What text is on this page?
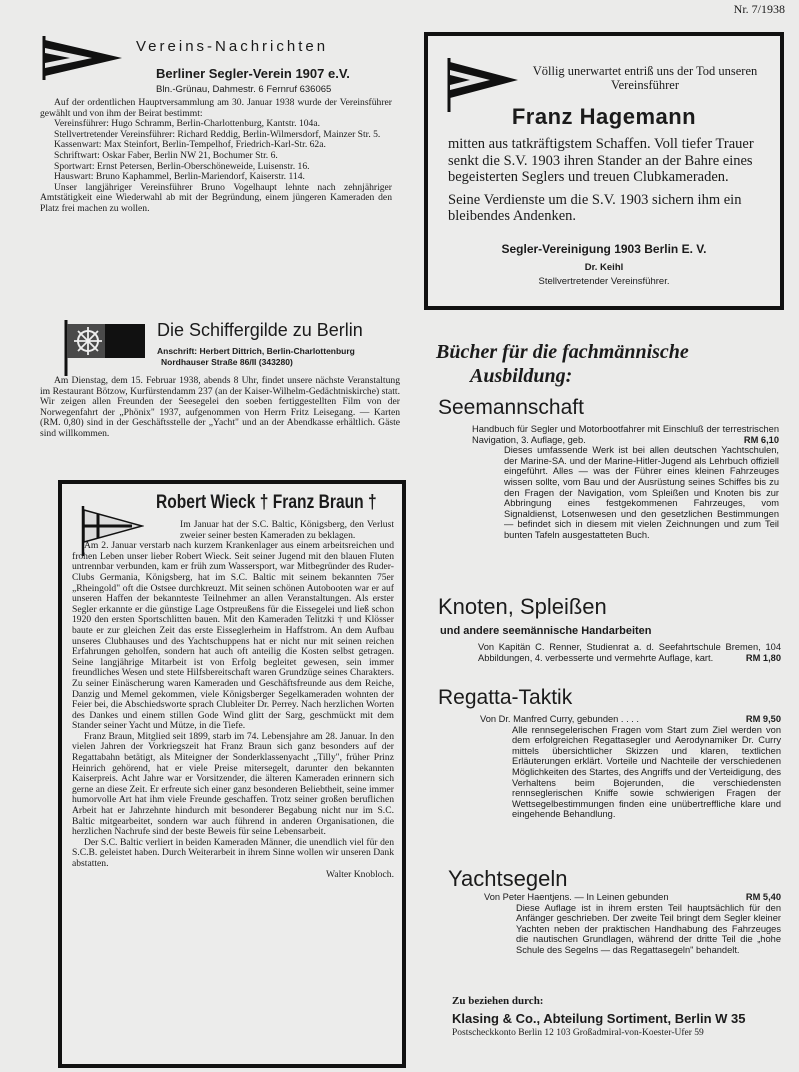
Nr. 7/1938
Vereins-Nachrichten
Berliner Segler-Verein 1907 e.V.
Bln.-Grünau, Dahmestr. 6 Fernruf 636065

Auf der ordentlichen Hauptversammlung am 30. Januar 1938 wurde der Vereinsführer gewählt und von ihm der Beirat bestimmt:

Vereinsführer: Hugo Schramm, Berlin-Charlottenburg, Kantstr. 104a.

Stellvertretender Vereinsführer: Richard Reddig, Berlin-Wilmersdorf, Mainzer Str. 5.

Kassenwart: Max Steinfort, Berlin-Tempelhof, Friedrich-Karl-Str. 62a.

Schriftwart: Oskar Faber, Berlin NW 21, Bochumer Str. 6.

Sportwart: Ernst Petersen, Berlin-Oberschöneweide, Luisenstr. 16.

Hauswart: Bruno Kaphammel, Berlin-Mariendorf, Kaiserstr. 114.

Unser langjähriger Vereinsführer Bruno Vogelhaupt lehnte nach zehnjähriger Amtstätigkeit eine Wiederwahl ab mit der Begründung, einem jüngeren Kameraden den Platz frei machen zu wollen.

Die Schiffergilde zu Berlin
Anschrift: Herbert Dittrich, Berlin-Charlottenburg
Nordhauser Straße 86/II (343280)

Am Dienstag, dem 15. Februar 1938, abends 8 Uhr, findet unsere nächste Veranstaltung im Restaurant Bötzow, Kurfürstendamm 237 (an der Kaiser-Wilhelm-Gedächtniskirche) statt. Wir zeigen allen Freunden der Seesegelei den soeben fertiggestellten Film von der Norwegenfahrt der „Phönix" 1937, aufgenommen von Herrn Fritz Leisegang. — Karten (RM. 0,80) sind in der Geschäftsstelle der „Yacht" und an der Abendkasse erhältlich. Gäste sind willkommen.

Robert Wieck † Franz Braun †

Im Januar hat der S.C. Baltic, Königsberg, den Verlust zweier seiner besten Kameraden zu beklagen.

Am 2. Januar verstarb nach kurzem Krankenlager aus einem arbeitsreichen und frohen Leben unser lieber Robert Wieck. Seit seiner Jugend mit den blauen Fluten untrennbar verbunden, kam er früh zum Wassersport, war Mitbegründer des Ruder-Clubs Germania, Königsberg, hat im S.C. Baltic mit seinem bekannten 75er „Rheingold" oft die Ostsee durchkreuzt. Mit seinen schönen Autobooten war er auf unseren Haffen der bekannteste Teilnehmer an allen Veranstaltungen. Als erster Segler erkannte er die günstige Lage Ostpreußens für die Eissegelei und ließ schon 1920 den ersten Sportschlitten bauen. Mit den Kameraden Telitzki † und Klösser baute er zur gleichen Zeit das erste Eisseglerheim in Haffstrom. An dem Aufbau unseres Clubhauses und des Yachtschuppens hat er nicht nur mit seinen reichen Erfahrungen geholfen, sondern hat auch oft anteilig die Kosten selbst getragen. Seine langjährige Mitarbeit ist von Erfolg begleitet gewesen, sein immer freundliches Wesen und stete Hilfsbereitschaft waren Grundzüge seines Charakters. Zu seiner Einäscherung waren Kameraden und Geschäftsfreunde aus dem Reiche, Danzig und Memel gekommen, viele Königsberger Segelkameraden wohnten der Feier bei, die Abschiedsworte sprach Clubleiter Dr. Perrey. Nach herzlichen Worten des Dankes und einem stillen Gode Wind glitt der Sarg, geschmückt mit dem Stander seiner Yacht und Mütze, in die Tiefe.

Franz Braun, Mitglied seit 1899, starb im 74. Lebensjahre am 28. Januar. In den vielen Jahren der Vorkriegszeit hat Franz Braun sich ganz besonders auf der Regattabahn betätigt, als Miteigner der Sonderklassenyacht „Tilly", früher Prinz Heinrich gehörend, hat er viele Preise mitersegelt, darunter den bekannten Kaiserpreis. Acht Jahre war er Vorsitzender, die älteren Kameraden erinnern sich gerne an diese Zeit. Er erfreute sich einer ganz besonderen Beliebtheit, seine immer humorvolle Art hat ihm viele Freunde geschaffen. Trotz seiner großen beruflichen Arbeit hat er Jahrzehnte hindurch mit besonderer Begabung nicht nur im S.C. Baltic mitgearbeitet, sondern war auch führend in anderen Organisationen, die herzlichen Nachrufe sind der beste Beweis für seine Lebensarbeit.

Der S.C. Baltic verliert in beiden Kameraden Männer, die unendlich viel für den S.C.B. geleistet haben. Durch Weiterarbeit in ihrem Sinne wollen wir unseren Dank abstatten.

Walter Knobloch.
Völlig unerwartet entriß uns der Tod unseren Vereinsführer
Franz Hagemann

mitten aus tatkräftigstem Schaffen. Voll tiefer Trauer senkt die S.V. 1903 ihren Stander an der Bahre eines begeisterten Seglers und treuen Clubkameraden.

Seine Verdienste um die S.V. 1903 sichern ihm ein bleibendes Andenken.

Segler-Vereinigung 1903 Berlin E. V.
Dr. Keihl
Stellvertretender Vereinsführer.
Bücher für die fachmännische
Ausbildung:
Seemannschaft
Handbuch für Segler und Motorbootfahrer mit Einschluß der terrestrischen Navigation, 3. Auflage, geb.	RM 6,10
Dieses umfassende Werk ist bei allen deutschen Yachtschulen, der Marine-SA. und der Marine-Hitler-Jugend als Lehrbuch offiziell eingeführt. Alles — was der Führer eines kleinen Fahrzeuges wissen sollte, vom Bau und der Ausrüstung seines Schiffes bis zu den Fragen der Navigation, vom Spleißen und Knoten bis zur Abbringung eines festgekommenen Fahrzeuges, vom Signaldienst, Lotsenwesen und den gesetzlichen Bestimmungen — befindet sich in diesem mit vielen Zeichnungen und zum Teil bunten Tafeln ausgestatteten Buch.
Knoten, Spleißen
und andere seemännische Handarbeiten
Von Kapitän C. Renner, Studienrat a. d. Seefahrtschule Bremen, 104 Abbildungen, 4. verbesserte und vermehrte Auflage, kart.	RM 1,80
Regatta-Taktik
Von Dr. Manfred Curry, gebunden . . . .	RM 9,50
Alle rennsegelerischen Fragen vom Start zum Ziel werden von dem erfolgreichen Regattasegler und Aerodynamiker Dr. Curry mittels übersichtlicher Skizzen und klaren, textlichen Erläuterungen erklärt. Vorteile und Nachteile der verschiedenen Möglichkeiten des Startes, des Angriffs und der Verteidigung, des Verhaltens beim Bojerunden, die verschiedensten rennseglerischen Kniffe sowie schwierigen Fragen der Wettsegelbestimmungen finden eine unübertreffliche klare und eingehende Behandlung.
Yachtsegeln
Von Peter Haentjens. — In Leinen gebunden	RM 5,40
Diese Auflage ist in ihrem ersten Teil hauptsächlich für den Anfänger geschrieben. Der zweite Teil bringt dem Segler kleiner Yachten neben der praktischen Handhabung des Fahrzeuges die nautischen Grundlagen, während der dritte Teil die „hohe Schule des Segelns — das Regattasegeln" behandelt.
Zu beziehen durch:
Klasing & Co., Abteilung Sortiment, Berlin W 35
Postscheckkonto Berlin 12 103 Großadmiral-von-Koester-Ufer 59
